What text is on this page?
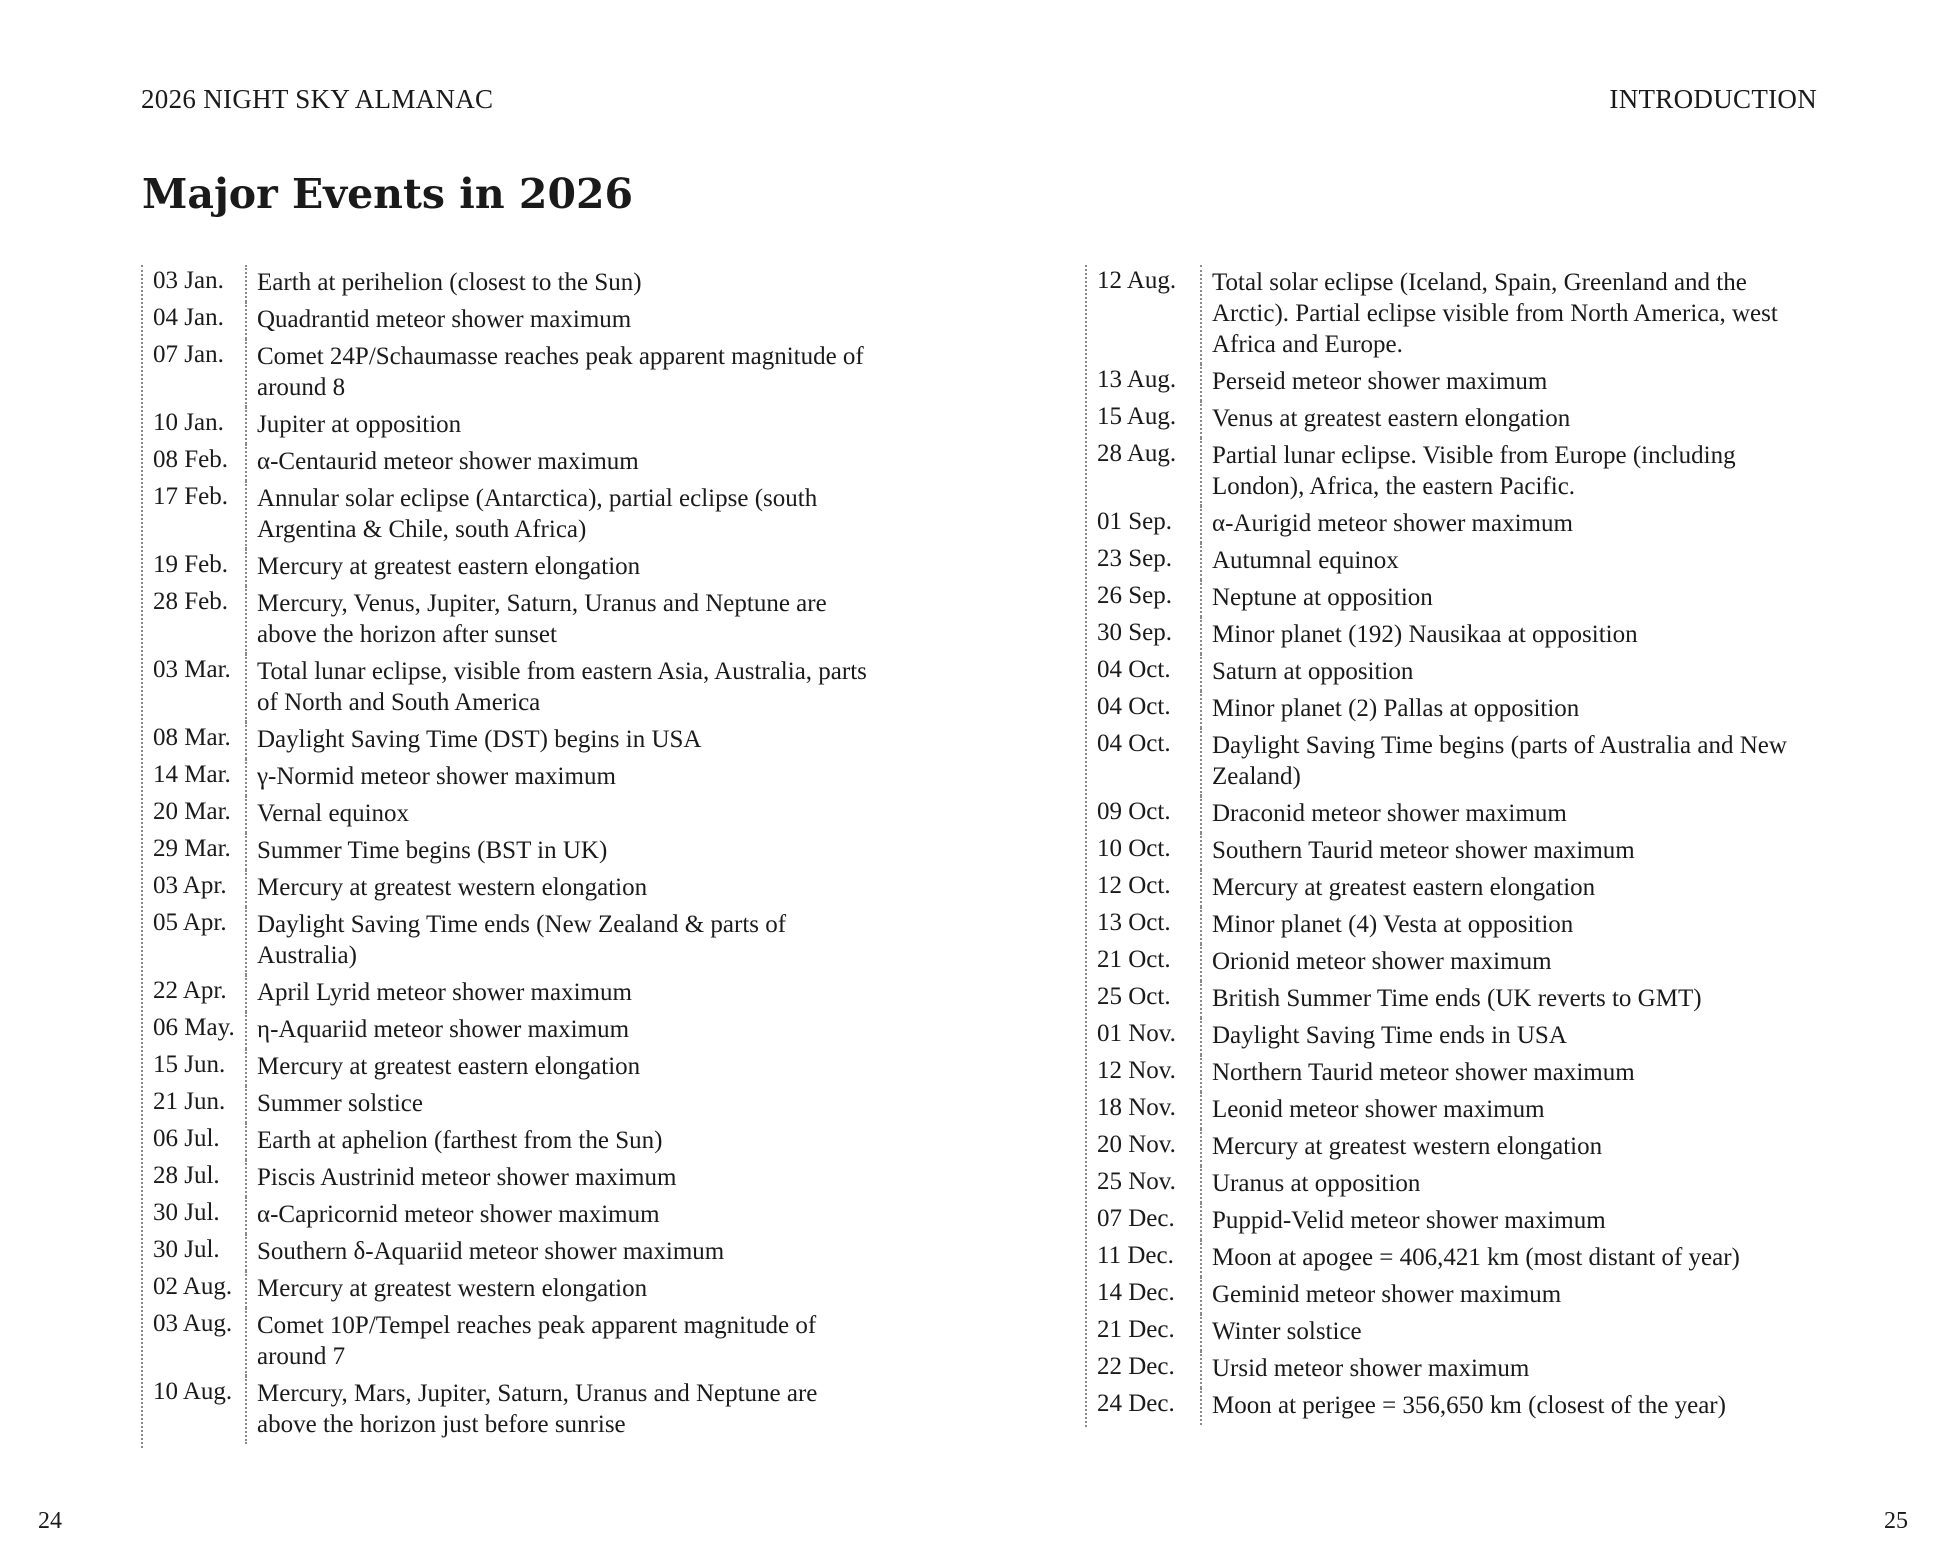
2026 NIGHT SKY ALMANAC	INTRODUCTION
Major Events in 2026
03 Jan.	Earth at perihelion (closest to the Sun)
04 Jan.	Quadrantid meteor shower maximum
07 Jan.	Comet 24P/Schaumasse reaches peak apparent magnitude of around 8
10 Jan.	Jupiter at opposition
08 Feb.	α-Centaurid meteor shower maximum
17 Feb.	Annular solar eclipse (Antarctica), partial eclipse (south Argentina & Chile, south Africa)
19 Feb.	Mercury at greatest eastern elongation
28 Feb.	Mercury, Venus, Jupiter, Saturn, Uranus and Neptune are above the horizon after sunset
03 Mar.	Total lunar eclipse, visible from eastern Asia, Australia, parts of North and South America
08 Mar.	Daylight Saving Time (DST) begins in USA
14 Mar.	γ-Normid meteor shower maximum
20 Mar.	Vernal equinox
29 Mar.	Summer Time begins (BST in UK)
03 Apr.	Mercury at greatest western elongation
05 Apr.	Daylight Saving Time ends (New Zealand & parts of Australia)
22 Apr.	April Lyrid meteor shower maximum
06 May. η-Aquariid meteor shower maximum
15 Jun.	Mercury at greatest eastern elongation
21 Jun.	Summer solstice
06 Jul.	Earth at aphelion (farthest from the Sun)
28 Jul.	Piscis Austrinid meteor shower maximum
30 Jul.	α-Capricornid meteor shower maximum
30 Jul.	Southern δ-Aquariid meteor shower maximum
02 Aug. Mercury at greatest western elongation
03 Aug. Comet 10P/Tempel reaches peak apparent magnitude of around 7
10 Aug. Mercury, Mars, Jupiter, Saturn, Uranus and Neptune are above the horizon just before sunrise
12 Aug.	Total solar eclipse (Iceland, Spain, Greenland and the Arctic). Partial eclipse visible from North America, west Africa and Europe.
13 Aug.	Perseid meteor shower maximum
15 Aug.	Venus at greatest eastern elongation
28 Aug.	Partial lunar eclipse. Visible from Europe (including London), Africa, the eastern Pacific.
01 Sep.	α-Aurigid meteor shower maximum
23 Sep.	Autumnal equinox
26 Sep.	Neptune at opposition
30 Sep.	Minor planet (192) Nausikaa at opposition
04 Oct.	Saturn at opposition
04 Oct.	Minor planet (2) Pallas at opposition
04 Oct.	Daylight Saving Time begins (parts of Australia and New Zealand)
09 Oct.	Draconid meteor shower maximum
10 Oct.	Southern Taurid meteor shower maximum
12 Oct.	Mercury at greatest eastern elongation
13 Oct.	Minor planet (4) Vesta at opposition
21 Oct.	Orionid meteor shower maximum
25 Oct.	British Summer Time ends (UK reverts to GMT)
01 Nov.	Daylight Saving Time ends in USA
12 Nov.	Northern Taurid meteor shower maximum
18 Nov.	Leonid meteor shower maximum
20 Nov.	Mercury at greatest western elongation
25 Nov.	Uranus at opposition
07 Dec.	Puppid-Velid meteor shower maximum
11 Dec.	Moon at apogee = 406,421 km (most distant of year)
14 Dec.	Geminid meteor shower maximum
21 Dec.	Winter solstice
22 Dec.	Ursid meteor shower maximum
24 Dec.	Moon at perigee = 356,650 km (closest of the year)
24	25
